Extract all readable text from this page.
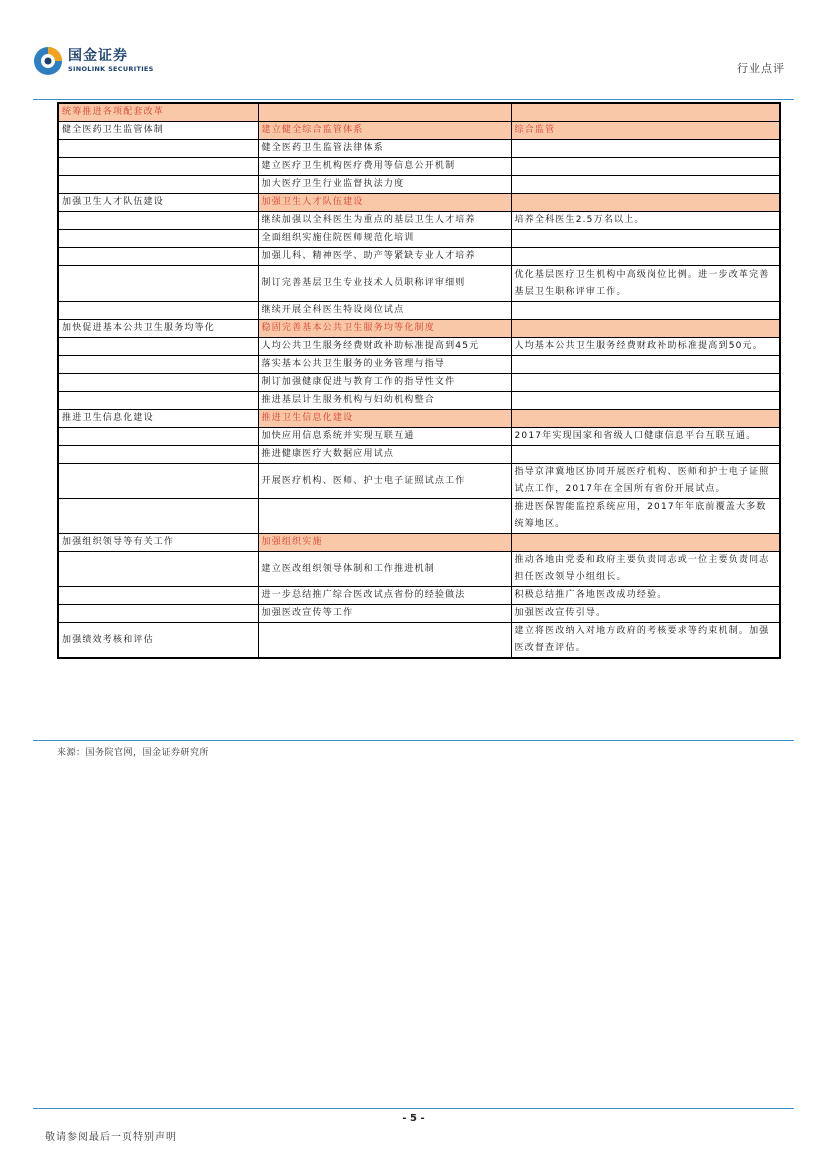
国金证券
SINOLINK SECURITIES	行业点评
统筹推进各项配套改革		
健全医药卫生监管体制	建立健全综合监管体系	综合监管
	健全医药卫生监管法律体系	
	建立医疗卫生机构医疗费用等信息公开机制	
	加大医疗卫生行业监督执法力度	
加强卫生人才队伍建设	加强卫生人才队伍建设	
	继续加强以全科医生为重点的基层卫生人才培养	培养全科医生2.5万名以上。
	全面组织实施住院医师规范化培训	
	加强儿科、精神医学、助产等紧缺专业人才培养	
	制订完善基层卫生专业技术人员职称评审细则	优化基层医疗卫生机构中高级岗位比例。进一步改革完善基层卫生职称评审工作。
	继续开展全科医生特设岗位试点	
加快促进基本公共卫生服务均等化	稳固完善基本公共卫生服务均等化制度	
	人均公共卫生服务经费财政补助标准提高到45元	人均基本公共卫生服务经费财政补助标准提高到50元。
	落实基本公共卫生服务的业务管理与指导	
	制订加强健康促进与教育工作的指导性文件	
	推进基层计生服务机构与妇幼机构整合	
推进卫生信息化建设	推进卫生信息化建设	
	加快应用信息系统并实现互联互通	2017年实现国家和省级人口健康信息平台互联互通。
	推进健康医疗大数据应用试点	
	开展医疗机构、医师、护士电子证照试点工作	指导京津冀地区协同开展医疗机构、医师和护士电子证照试点工作，2017年在全国所有省份开展试点。
		推进医保智能监控系统应用，2017年年底前覆盖大多数统筹地区。
加强组织领导等有关工作	加强组织实施	
	建立医改组织领导体制和工作推进机制	推动各地由党委和政府主要负责同志或一位主要负责同志担任医改领导小组组长。
	进一步总结推广综合医改试点省份的经验做法	积极总结推广各地医改成功经验。
	加强医改宣传等工作	加强医改宣传引导。
加强绩效考核和评估		建立将医改纳入对地方政府的考核要求等约束机制。加强医改督查评估。
来源：国务院官网，国金证券研究所
- 5 -
敬请参阅最后一页特别声明
